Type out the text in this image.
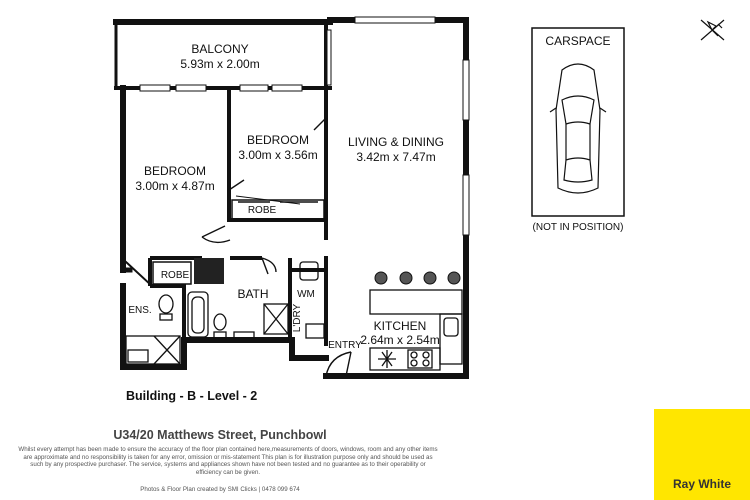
BALCONY
5.93m x 2.00m
BEDROOM
3.00m x 3.56m
LIVING & DINING
3.42m x 7.47m
BEDROOM
3.00m x 4.87m
ROBE
ROBE
ENS.
BATH	WM
L'DRY	KITCHEN
2.64m x 2.54m
ENTRY
CARSPACE
(NOT IN POSITION)
Building - B - Level - 2
U34/20 Matthews Street, Punchbowl
Whilst every attempt has been made to ensure the accuracy of the floor plan contained here,measurements of doors, windows, room and any other items are approximate and no responsibility is taken for any error, omission or mis-statement This plan is for illustration purpose only and should be used as such by any prospective purchaser. The service, systems and appliances shown have not been tested and no guarantee as to their operability or efficiency can be given.
Photos & Floor Plan created by SMI Clicks | 0478 099 674	Ray White
